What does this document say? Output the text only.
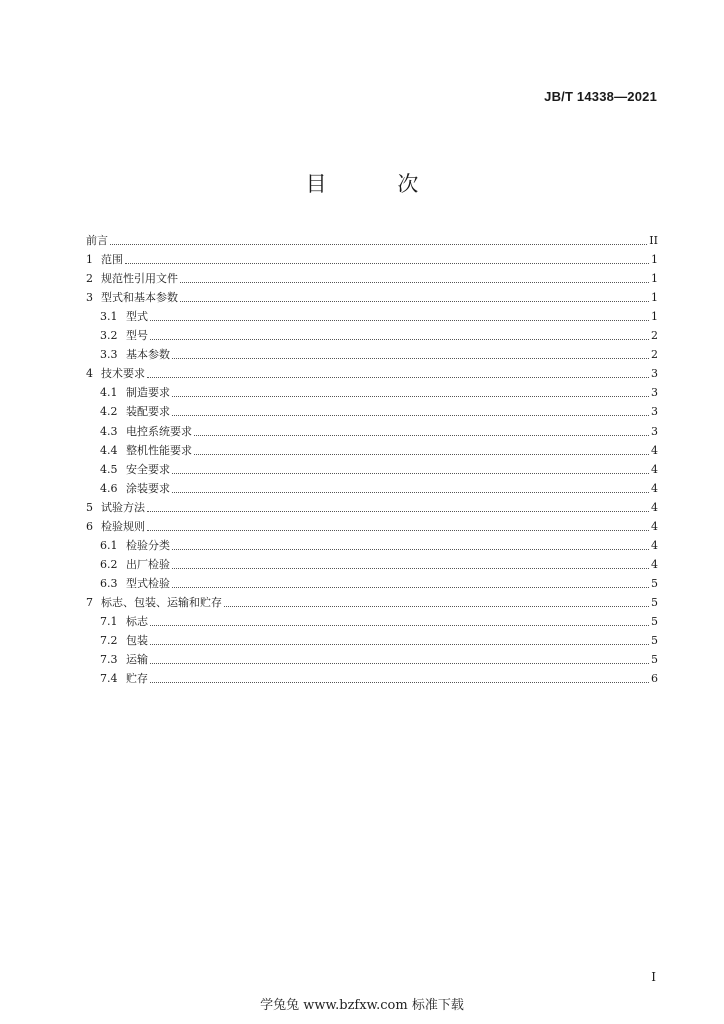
JB/T 14338—2021
目 次
前言	II
1 范围	1
2 规范性引用文件	1
3 型式和基本参数	1
3.1 型式	1
3.2 型号	2
3.3 基本参数	2
4 技术要求	3
4.1 制造要求	3
4.2 装配要求	3
4.3 电控系统要求	3
4.4 整机性能要求	4
4.5 安全要求	4
4.6 涂装要求	4
5 试验方法	4
6 检验规则	4
6.1 检验分类	4
6.2 出厂检验	4
6.3 型式检验	5
7 标志、包装、运输和贮存	5
7.1 标志	5
7.2 包装	5
7.3 运输	5
7.4 贮存	6
I
学兔兔 www.bzfxw.com 标准下载
